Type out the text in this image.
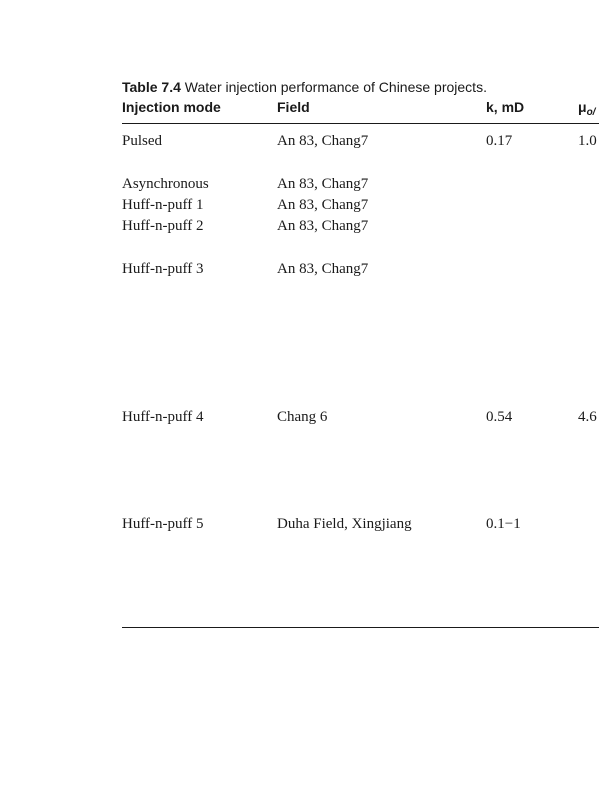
Table 7.4 Water injection performance of Chinese projects.
Injection mode	Field	k, mD	$\mu_{o/}$
Pulsed	An 83, Chang7	0.17	1.0
Asynchronous	An 83, Chang7
Huff-n-puff 1	An 83, Chang7
Huff-n-puff 2	An 83, Chang7
Huff-n-puff 3	An 83, Chang7
Huff-n-puff 4	Chang 6	0.54	4.6
Huff-n-puff 5	Duha Field, Xingjiang	0.1−1
